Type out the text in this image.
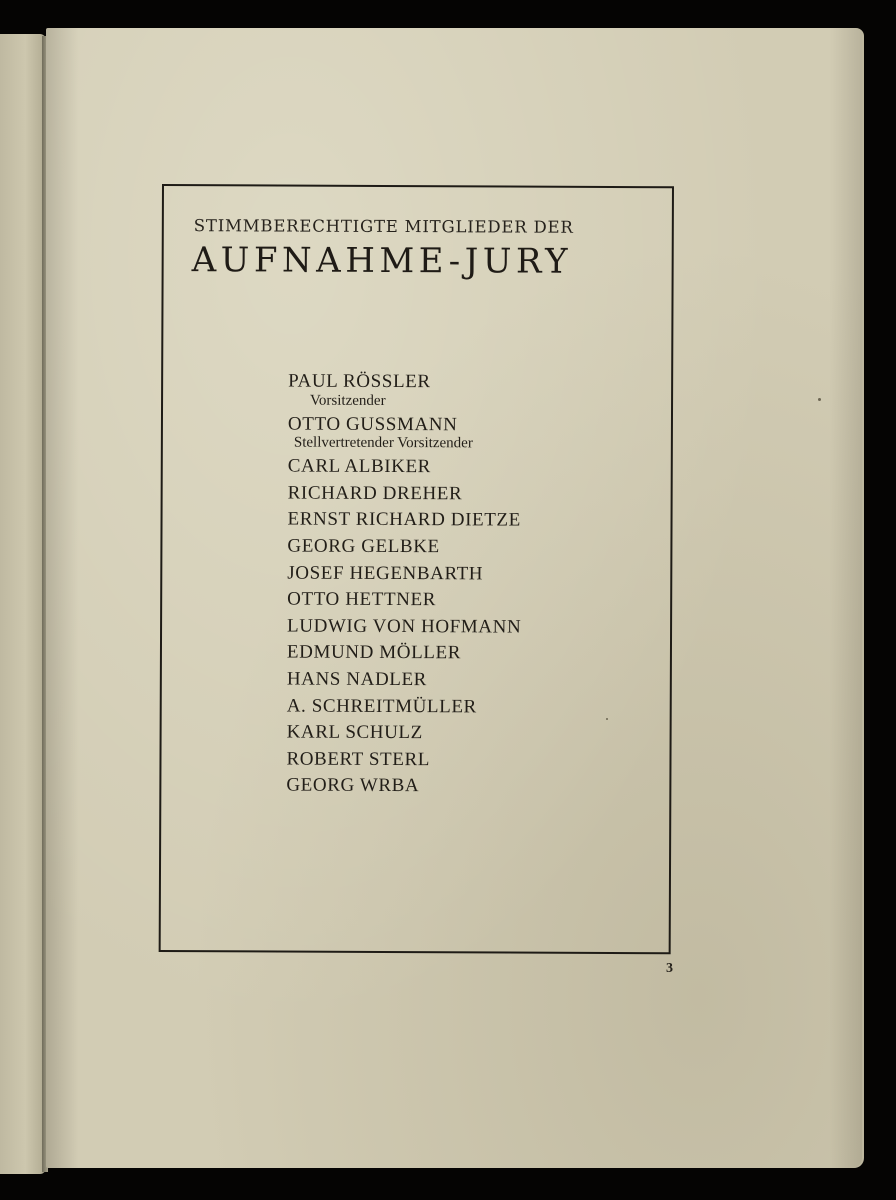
STIMMBERECHTIGTE MITGLIEDER DER

AUFNAHME-JURY
PAUL RÖSSLER
Vorsitzender
OTTO GUSSMANN
Stellvertretender Vorsitzender
CARL ALBIKER
RICHARD DREHER
ERNST RICHARD DIETZE
GEORG GELBKE
JOSEF HEGENBARTH
OTTO HETTNER
LUDWIG VON HOFMANN
EDMUND MÖLLER
HANS NADLER
A. SCHREITMÜLLER
KARL SCHULZ
ROBERT STERL
GEORG WRBA
3
